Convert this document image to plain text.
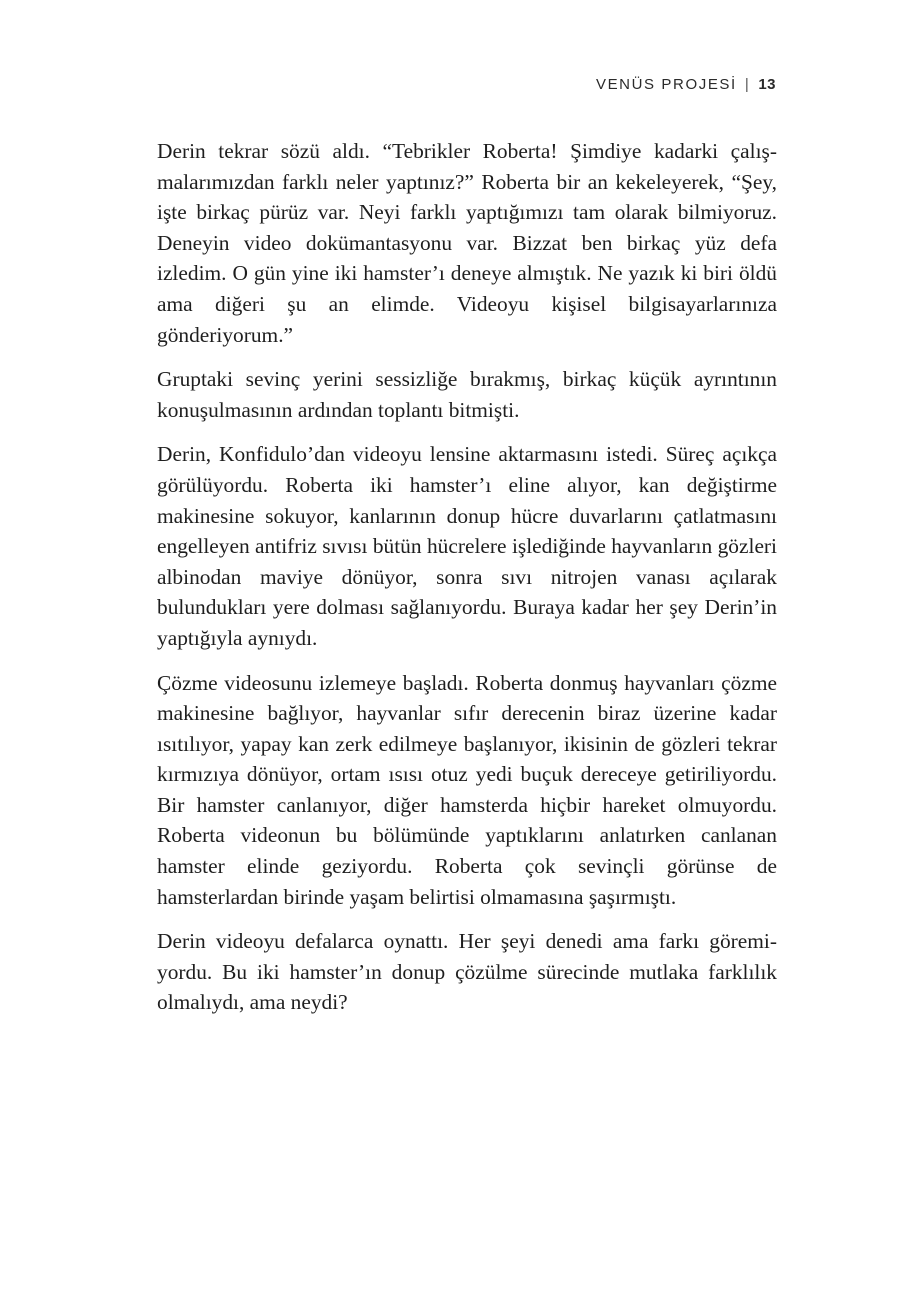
VENÜS PROJESİ | 13

Derin tekrar sözü aldı. “Tebrikler Roberta! Şimdiye kadarki çalışmalarımızdan farklı neler yaptınız?” Roberta bir an kekeleyerek, “Şey, işte birkaç pürüz var. Neyi farklı yaptığımızı tam olarak bilmiyoruz. Deneyin video dokümantasyonu var. Bizzat ben birkaç yüz defa izledim. O gün yine iki hamster’ı deneye almıştık. Ne yazık ki biri öldü ama diğeri şu an elimde. Videoyu kişisel bilgisayarlarınıza gönderiyorum.”

Gruptaki sevinç yerini sessizliğe bırakmış, birkaç küçük ayrıntının konuşulmasının ardından toplantı bitmişti.

Derin, Konfidulo’dan videoyu lensine aktarmasını istedi. Süreç açıkça görülüyordu. Roberta iki hamster’ı eline alıyor, kan değiştirme makinesine sokuyor, kanlarının donup hücre duvarlarını çatlatmasını engelleyen antifriz sıvısı bütün hücrelere işlediğinde hayvanların gözleri albinodan maviye dönüyor, sonra sıvı nitrojen vanası açılarak bulundukları yere dolması sağlanıyordu. Buraya kadar her şey Derin’in yaptığıyla aynıydı.

Çözme videosunu izlemeye başladı. Roberta donmuş hayvanları çözme makinesine bağlıyor, hayvanlar sıfır derecenin biraz üzerine kadar ısıtılıyor, yapay kan zerk edilmeye başlanıyor, ikisinin de gözleri tekrar kırmızıya dönüyor, ortam ısısı otuz yedi buçuk dereceye getiriliyordu. Bir hamster canlanıyor, diğer hamsterda hiçbir hareket olmuyordu. Roberta videonun bu bölümünde yaptıklarını anlatırken canlanan hamster elinde geziyordu. Roberta çok sevinçli görünse de hamsterlardan birinde yaşam belirtisi olmamasına şaşırmıştı.

Derin videoyu defalarca oynattı. Her şeyi denedi ama farkı göremiyordu. Bu iki hamster’ın donup çözülme sürecinde mutlaka farklılık olmalıydı, ama neydi?
